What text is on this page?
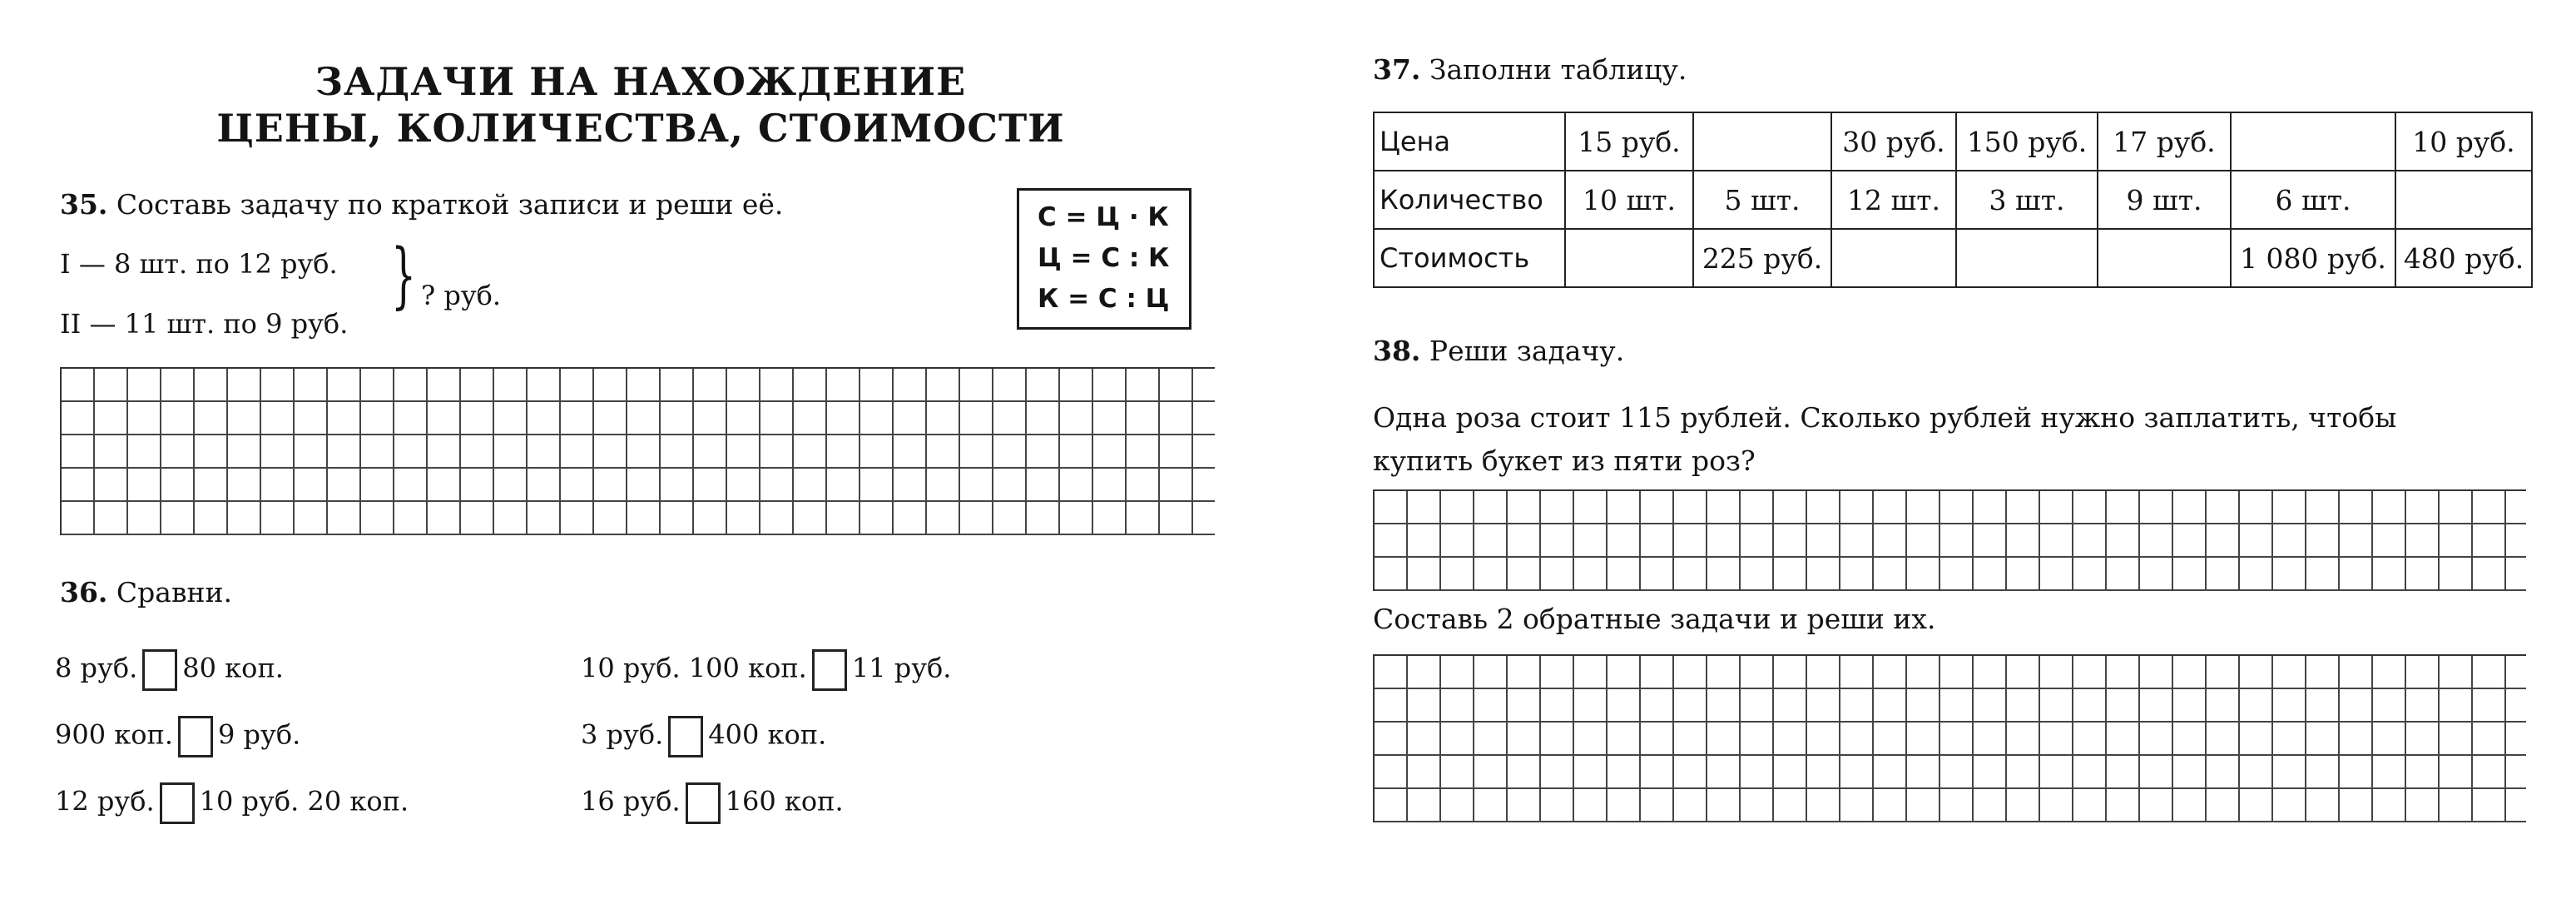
ЗАДАЧИ НА НАХОЖДЕНИЕ
ЦЕНЫ, КОЛИЧЕСТВА, СТОИМОСТИ
35. Составь задачу по краткой записи и реши её.
I — 8 шт. по 12 руб.
II — 11 шт. по 9 руб.
} ? руб.
С = Ц · К
Ц = С : К
К = С : Ц
36. Сравни.
8 руб. 80 коп.
900 коп. 9 руб.
12 руб. 10 руб. 20 коп.
10 руб. 100 коп. 11 руб.
3 руб. 400 коп.
16 руб. 160 коп.
37. Заполни таблицу.
Цена	15 руб.		30 руб.	150 руб.	17 руб.		10 руб.
Количество	10 шт.	5 шт.	12 шт.	3 шт.	9 шт.	6 шт.	
Стоимость		225 руб.				1 080 руб.	480 руб.
38. Реши задачу.
Одна роза стоит 115 рублей. Сколько рублей нужно заплатить, чтобы
купить букет из пяти роз?
Составь 2 обратные задачи и реши их.
